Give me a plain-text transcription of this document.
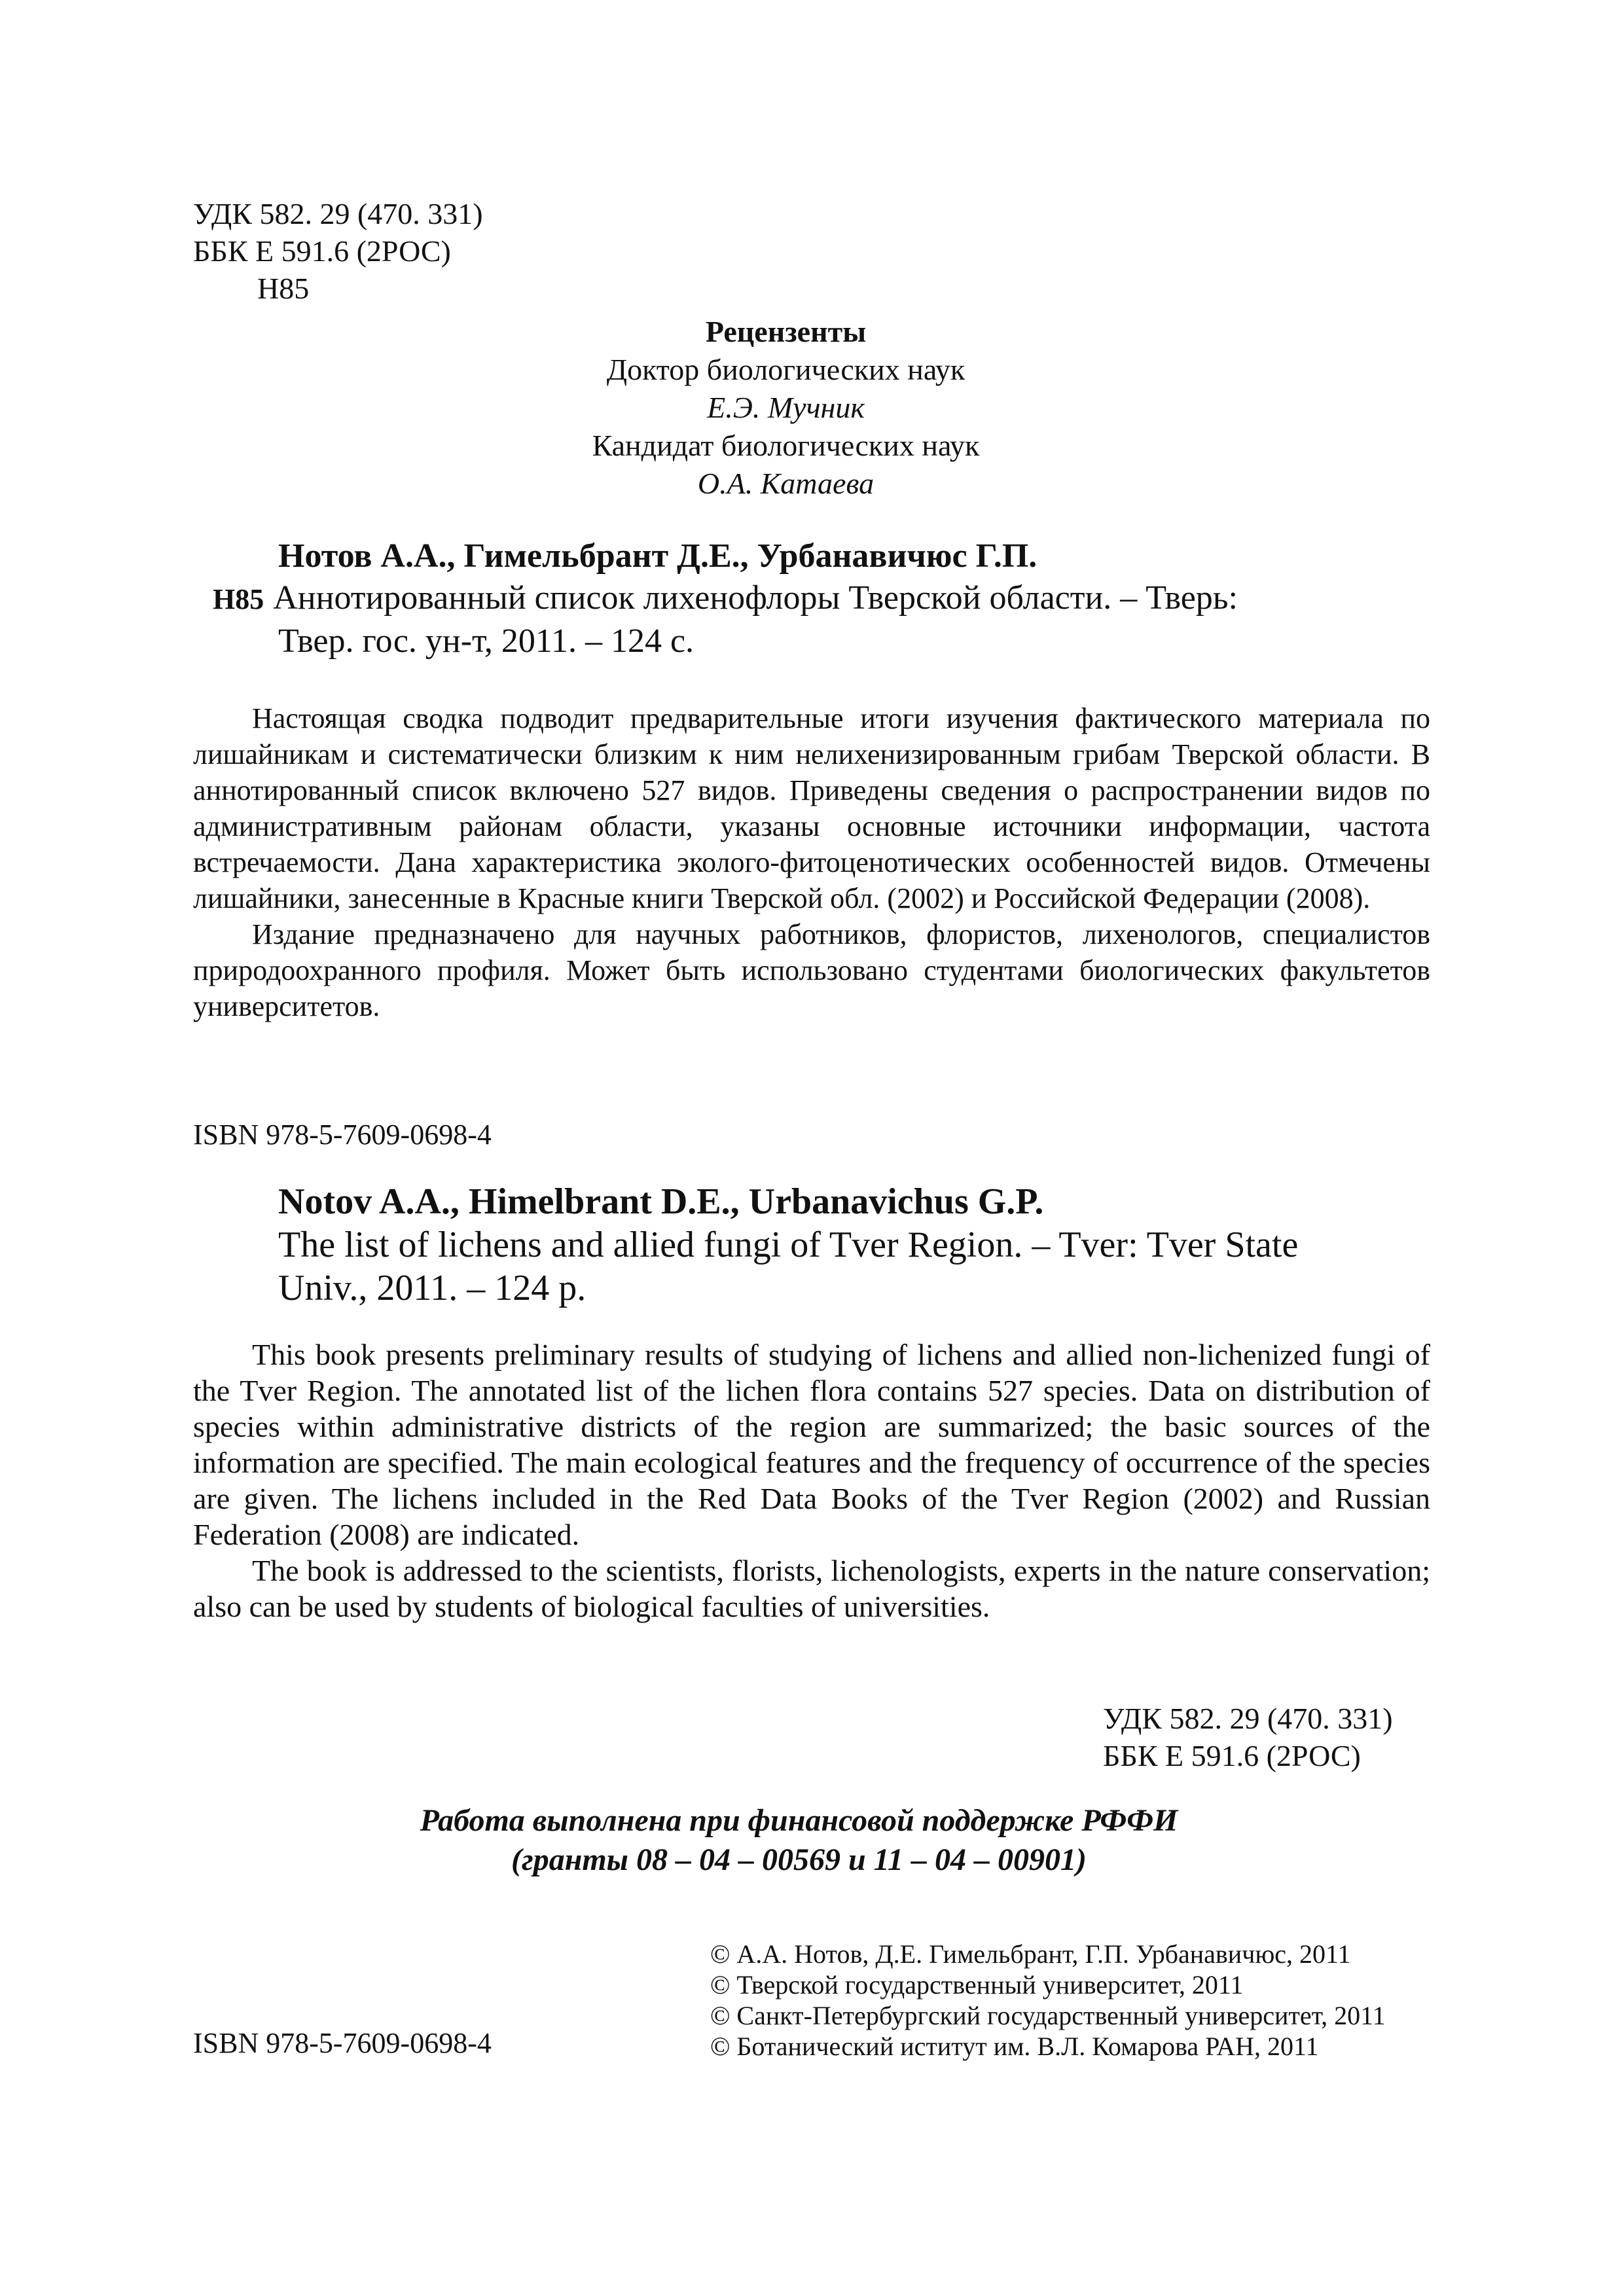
УДК 582. 29 (470. 331)
ББК Е 591.6 (2РОС)
Н85
Рецензенты
Доктор биологических наук
Е.Э. Мучник
Кандидат биологических наук
О.А. Катаева
Нотов А.А., Гимельбрант Д.Е., Урбанавичюс Г.П.
Н85 Аннотированный список лихенофлоры Тверской области. – Тверь:
Твер. гос. ун-т, 2011. – 124 с.

Настоящая сводка подводит предварительные итоги изучения фактического материала по лишайникам и систематически близким к ним нелихенизированным грибам Тверской области. В аннотированный список включено 527 видов. Приведены сведения о распространении видов по административным районам области, указаны основные источники информации, частота встречаемости. Дана характеристика эколого-фитоценотических особенностей видов. Отмечены лишайники, занесенные в Красные книги Тверской обл. (2002) и Российской Федерации (2008).

Издание предназначено для научных работников, флористов, лихенологов, специалистов природоохранного профиля. Может быть использовано студентами биологических факультетов университетов.

ISBN 978-5-7609-0698-4
Notov A.A., Himelbrant D.E., Urbanavichus G.P.
The list of lichens and allied fungi of Tver Region. – Tver: Tver State
Univ., 2011. – 124 p.

This book presents preliminary results of studying of lichens and allied non-lichenized fungi of the Tver Region. The annotated list of the lichen flora contains 527 species. Data on distribution of species within administrative districts of the region are summarized; the basic sources of the information are specified. The main ecological features and the frequency of occurrence of the species are given. The lichens included in the Red Data Books of the Tver Region (2002) and Russian Federation (2008) are indicated.

The book is addressed to the scientists, florists, lichenologists, experts in the nature conservation; also can be used by students of biological faculties of universities.

УДК 582. 29 (470. 331)
ББК Е 591.6 (2РОС)
Работа выполнена при финансовой поддержке РФФИ
(гранты 08 – 04 – 00569 и 11 – 04 – 00901)
© А.А. Нотов, Д.Е. Гимельбрант, Г.П. Урбанавичюс, 2011
© Тверской государственный университет, 2011
© Санкт-Петербургский государственный университет, 2011
© Ботанический иститут им. В.Л. Комарова РАН, 2011
ISBN 978-5-7609-0698-4
